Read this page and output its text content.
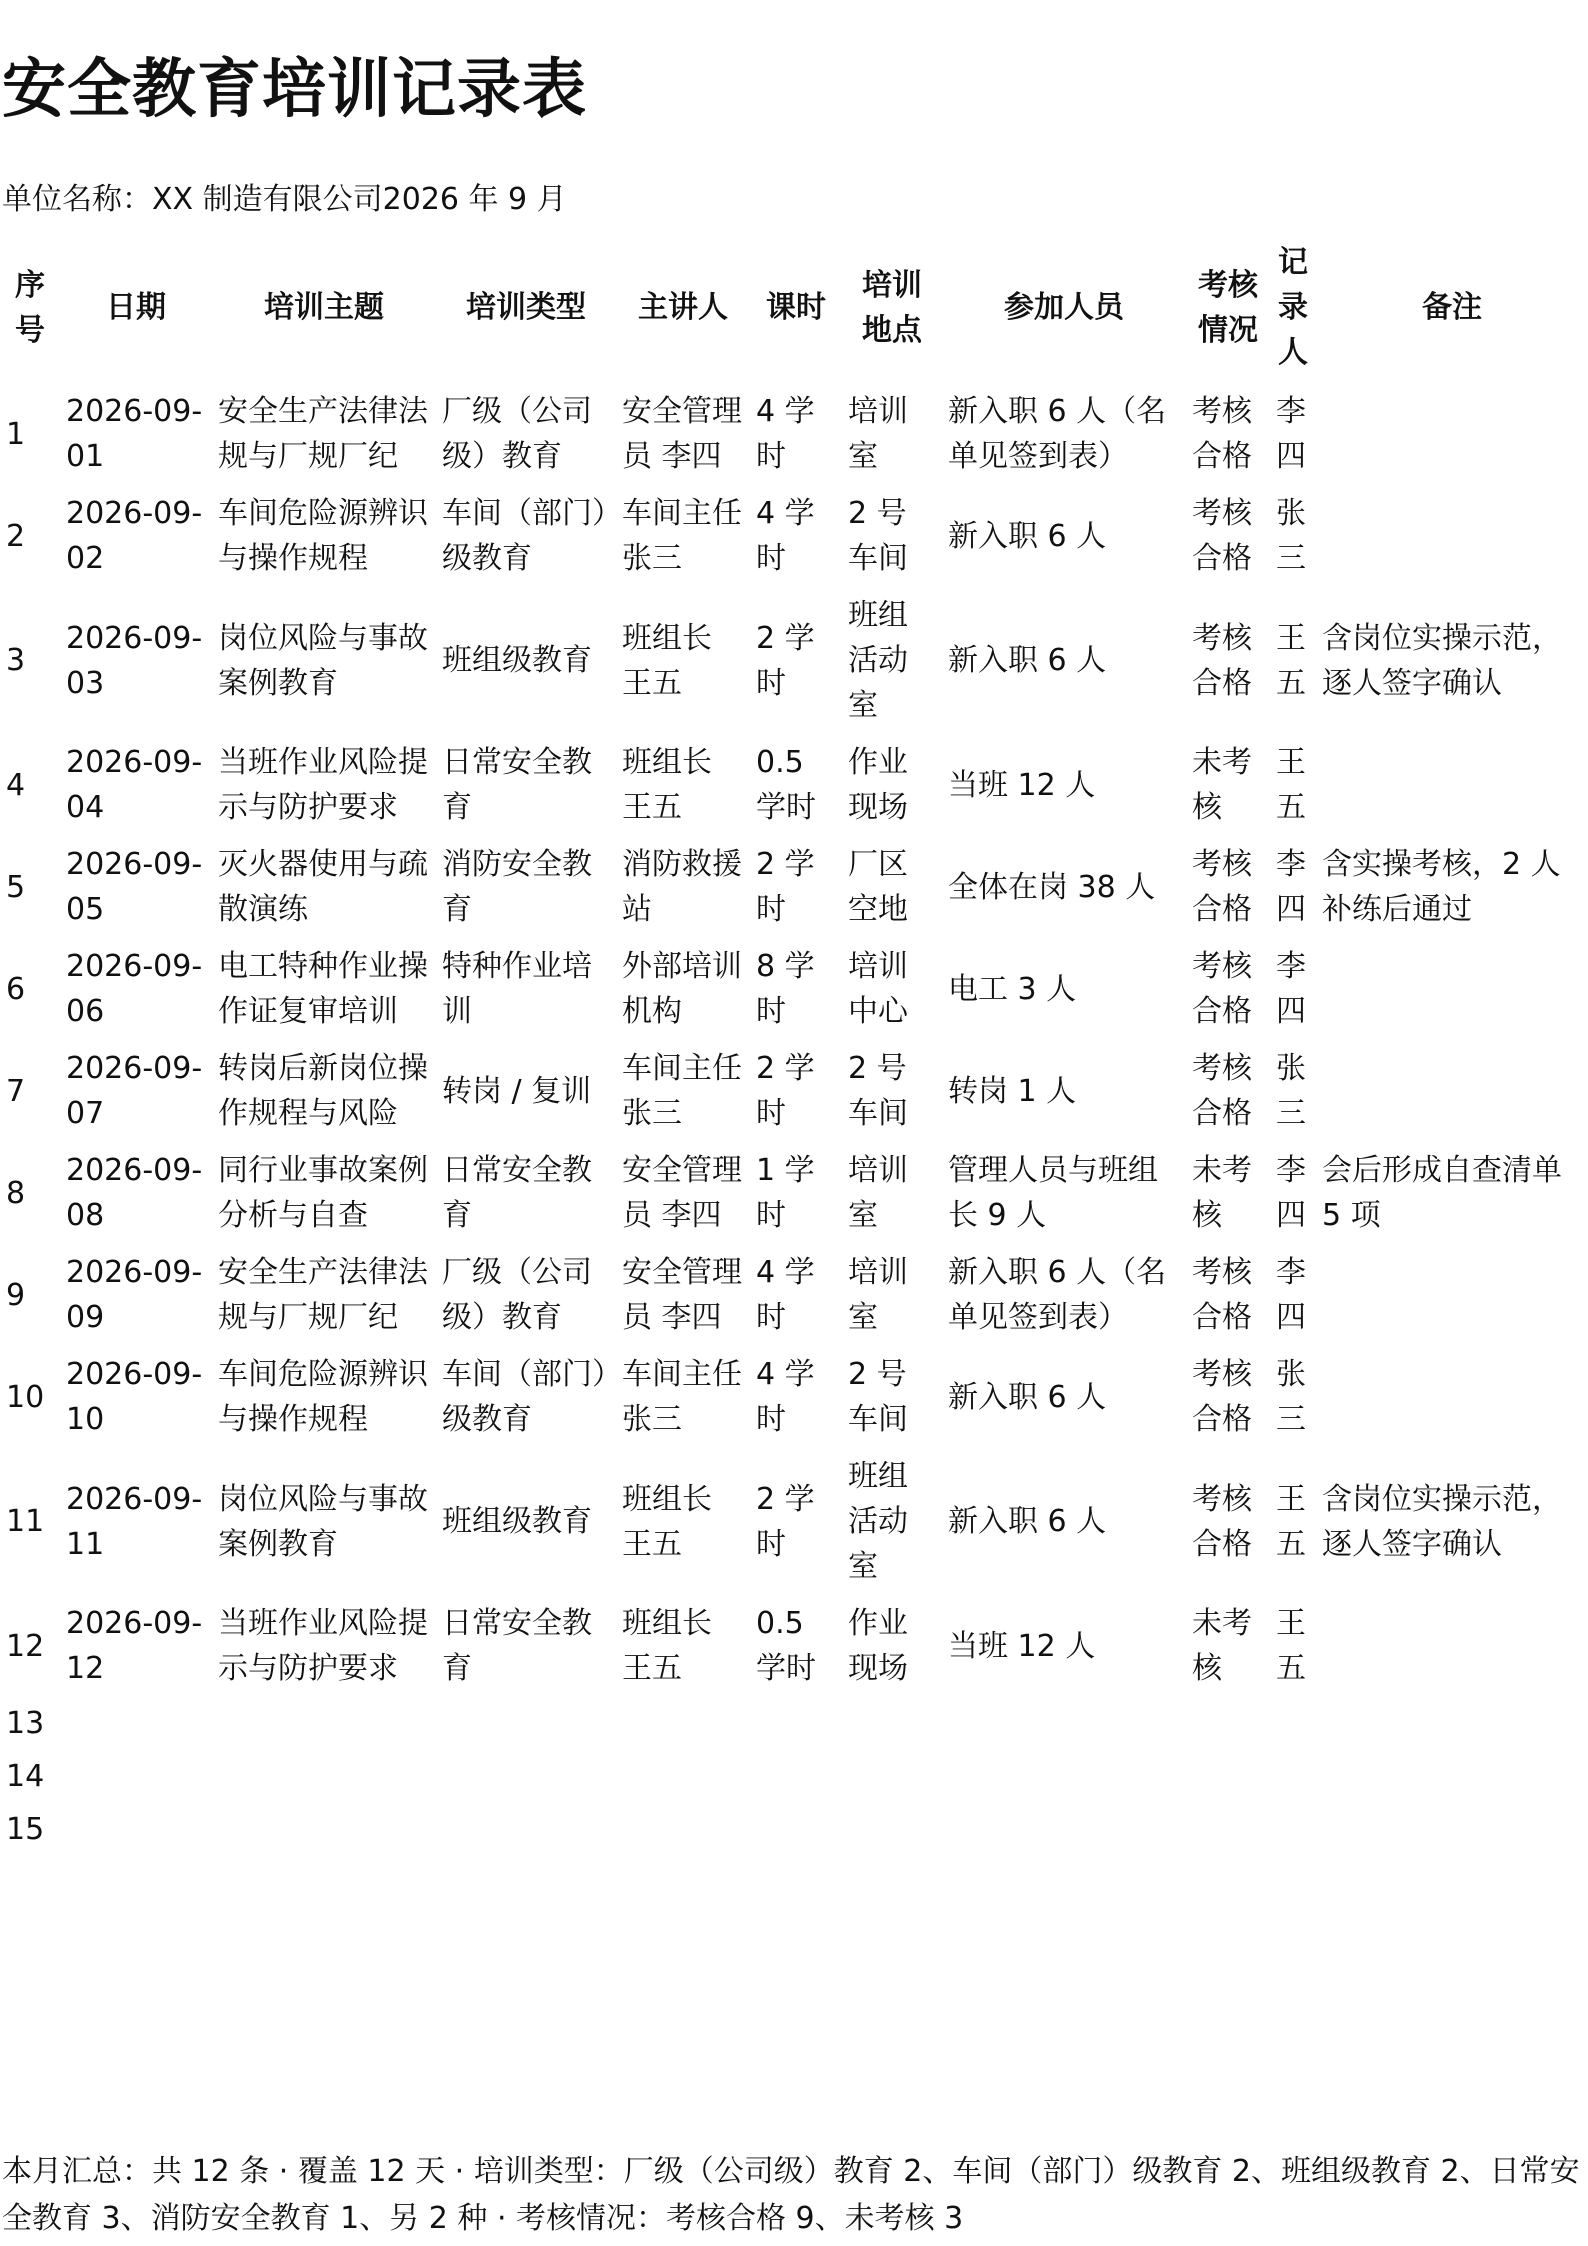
安全教育培训记录表
单位名称：XX 制造有限公司2026 年 9 月
序号	日期	培训主题	培训类型	主讲人	课时	培训地点	参加人员	考核情况	记录人	备注
1	2026-09-01	安全生产法律法规与厂规厂纪	厂级（公司级）教育	安全管理员 李四	4 学时	培训室	新入职 6 人（名单见签到表）	考核合格	李四	
2	2026-09-02	车间危险源辨识与操作规程	车间（部门）级教育	车间主任 张三	4 学时	2 号车间	新入职 6 人	考核合格	张三	
3	2026-09-03	岗位风险与事故案例教育	班组级教育	班组长 王五	2 学时	班组活动室	新入职 6 人	考核合格	王五	含岗位实操示范，逐人签字确认
4	2026-09-04	当班作业风险提示与防护要求	日常安全教育	班组长 王五	0.5 学时	作业现场	当班 12 人	未考核	王五	
5	2026-09-05	灭火器使用与疏散演练	消防安全教育	消防救援站	2 学时	厂区空地	全体在岗 38 人	考核合格	李四	含实操考核，2 人补练后通过
6	2026-09-06	电工特种作业操作证复审培训	特种作业培训	外部培训机构	8 学时	培训中心	电工 3 人	考核合格	李四	
7	2026-09-07	转岗后新岗位操作规程与风险	转岗 / 复训	车间主任 张三	2 学时	2 号车间	转岗 1 人	考核合格	张三	
8	2026-09-08	同行业事故案例分析与自查	日常安全教育	安全管理员 李四	1 学时	培训室	管理人员与班组长 9 人	未考核	李四	会后形成自查清单 5 项
9	2026-09-09	安全生产法律法规与厂规厂纪	厂级（公司级）教育	安全管理员 李四	4 学时	培训室	新入职 6 人（名单见签到表）	考核合格	李四	
10	2026-09-10	车间危险源辨识与操作规程	车间（部门）级教育	车间主任 张三	4 学时	2 号车间	新入职 6 人	考核合格	张三	
11	2026-09-11	岗位风险与事故案例教育	班组级教育	班组长 王五	2 学时	班组活动室	新入职 6 人	考核合格	王五	含岗位实操示范，逐人签字确认
12	2026-09-12	当班作业风险提示与防护要求	日常安全教育	班组长 王五	0.5 学时	作业现场	当班 12 人	未考核	王五	
13										
14										
15										
本月汇总：共 12 条 · 覆盖 12 天 · 培训类型：厂级（公司级）教育 2、车间（部门）级教育 2、班组级教育 2、日常安全教育 3、消防安全教育 1、另 2 种 · 考核情况：考核合格 9、未考核 3
